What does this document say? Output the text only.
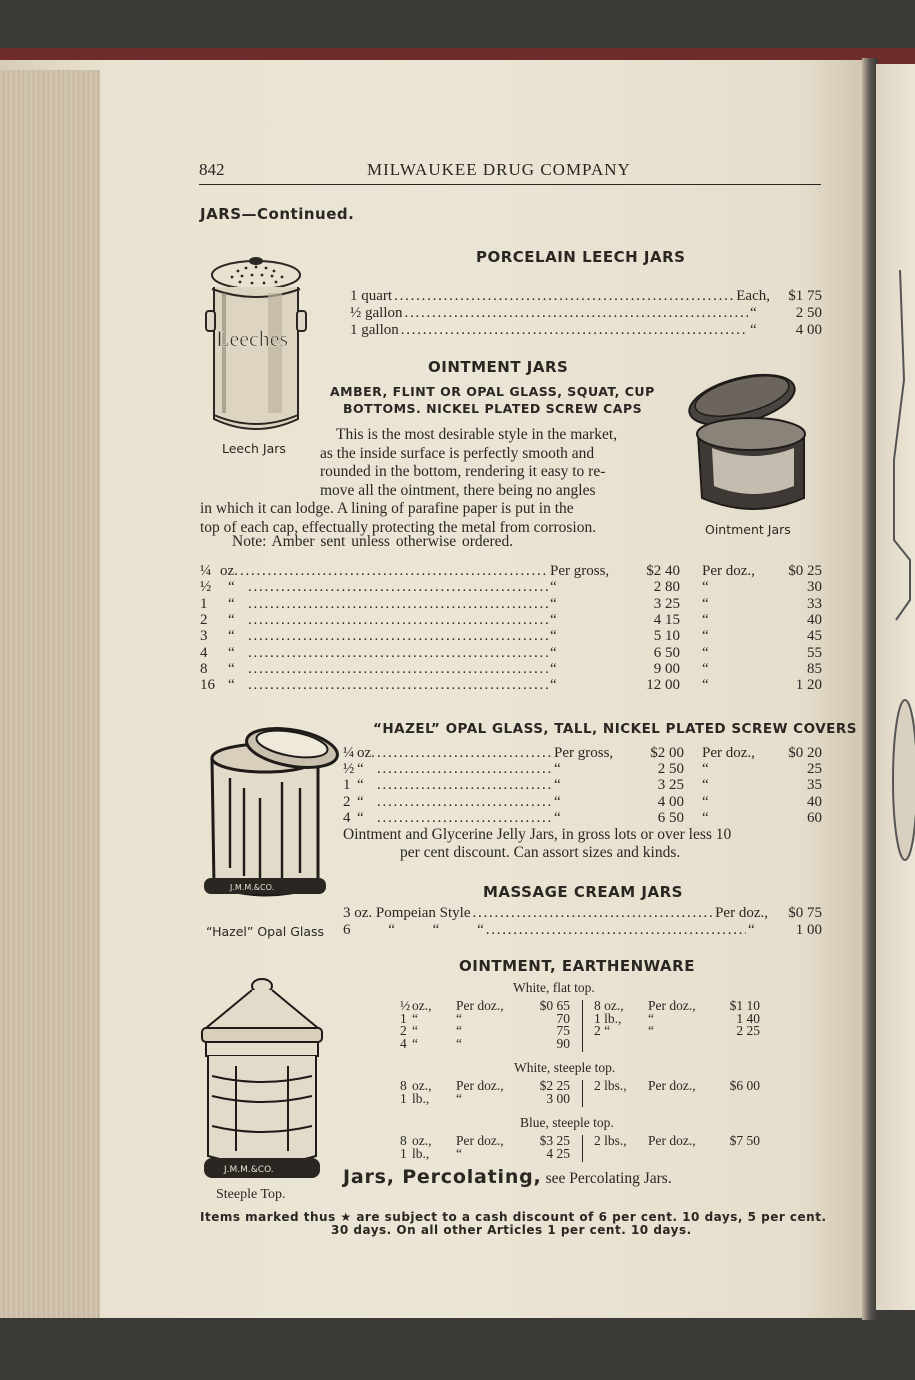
842	MILWAUKEE DRUG COMPANY
JARS—Continued.
PORCELAIN LEECH JARS
Leeches
Leech Jars
1 quart . . .	Each,	$1 75
½ gallon . . .	“	2 50
1 gallon . . .	“	4 00
OINTMENT JARS
AMBER, FLINT OR OPAL GLASS, SQUAT, CUP
BOTTOMS. NICKEL PLATED SCREW CAPS
Ointment Jars
This is the most desirable style in the market,
as the inside surface is perfectly smooth and
rounded in the bottom, rendering it easy to re-
move all the ointment, there being no angles
in which it can lodge. A lining of parafine paper is put in the
top of each cap, effectually protecting the metal from corrosion.
Note: Amber sent unless otherwise ordered.
¼ oz. . . .	Per gross,	$2 40 Per doz.,	$0 25
½	“ . . .	“	2 80 “	30
1	“ . . .	“	3 25 “	33
2	“ . . .	“	4 15 “	40
3	“ . . .	“	5 10 “	45
4	“ . . .	“	6 50 “	55
8	“ . . .	“	9 00 “	85
16 “ . . .	“	12 00 “	1 20
“HAZEL” OPAL GLASS, TALL, NICKEL PLATED SCREW COVERS
J.M.M.&CO.
“Hazel” Opal Glass
¼ oz. . . .	Per gross,	$2 00 Per doz.,	$0 20
½ “ . . .	“	2 50 “	25
1 “ . . .	“	3 25 “	35
2 “ . . .	“	4 00 “	40
4 “ . . .	“	6 50 “	60
Ointment and Glycerine Jelly Jars, in gross lots or over less 10
per cent discount. Can assort sizes and kinds.
MASSAGE CREAM JARS
3 oz. Pompeian Style . . .	Per doz.,	$0 75
6 “ “ “ . . .	“	1 00
OINTMENT, EARTHENWARE
J.M.M.&CO.
Steeple Top.
White, flat top.
½ oz., Per doz.,	$0 65
1 “	“	70
2 “	“	75
4 “	“	90
8 oz., Per doz.,	$1 10
1 lb., “	1 40
2 “	“	2 25
White, steeple top.
8 oz., Per doz.,	$2 25
1 lb., “	3 00
2 lbs., Per doz.,	$6 00
Blue, steeple top.
8 oz., Per doz.,	$3 25
1 lb., “	4 25
2 lbs., Per doz.,	$7 50
Jars, Percolating, see Percolating Jars.
Items marked thus ★ are subject to a cash discount of 6 per cent. 10 days, 5 per cent.
30 days. On all other Articles 1 per cent. 10 days.
